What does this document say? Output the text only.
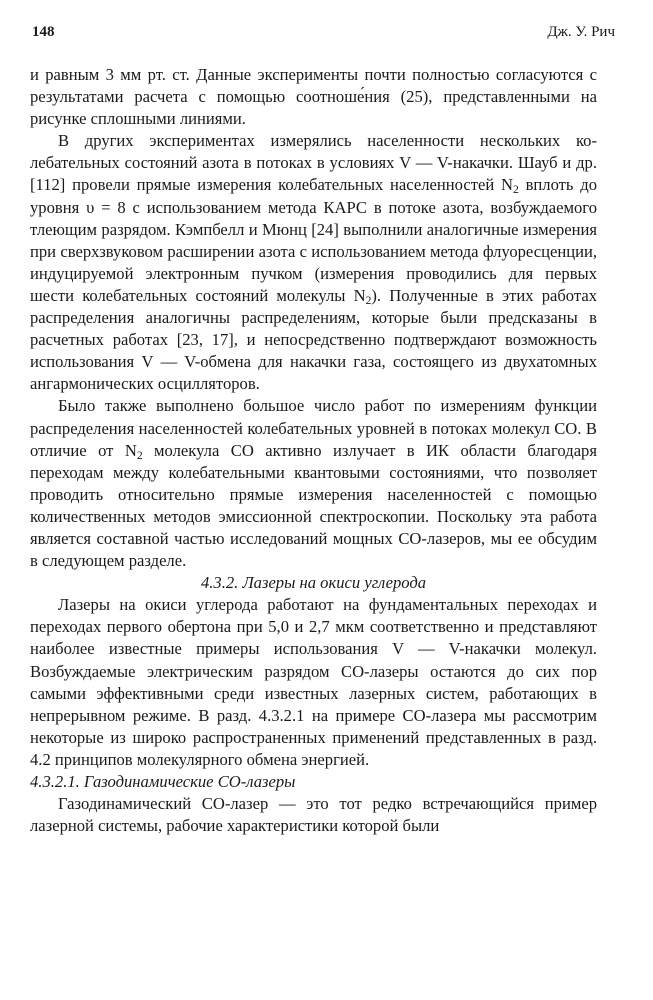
148	Дж. У. Рич

и равным 3 мм рт. ст. Данные эксперименты почти полностью согласуются с результатами расчета с помощью соотноше́ния (25), представленными на рисунке сплошными линиями.

В других экспериментах измерялись населенности нескольких колебательных состояний азота в потоках в условиях V — V-накачки. Шауб и др. [112] провели прямые измерения колебательных населенностей $N_2$ вплоть до уровня υ = 8 с использованием метода КАРС в потоке азота, возбуждаемого тлеющим разрядом. Кэмпбелл и Мюнц [24] выполнили аналогичные измерения при сверхзвуковом расширении азота с использованием метода флуоресценции, индуцируемой электронным пучком (измерения проводились для первых шести колебательных состояний молекулы $N_2$). Полученные в этих работах распределения аналогичны распределениям, которые были предсказаны в расчетных работах [23, 17], и непосредственно подтверждают возможность использования V — V-обмена для накачки газа, состоящего из двухатомных ангармонических осцилляторов.

Было также выполнено большое число работ по измерениям функции распределения населенностей колебательных уровней в потоках молекул СО. В отличие от $N_2$ молекула СО активно излучает в ИК области благодаря переходам между колебательными квантовыми состояниями, что позволяет проводить относительно прямые измерения населенностей с помощью количественных методов эмиссионной спектроскопии. Поскольку эта работа является составной частью исследований мощных СО-лазеров, мы ее обсудим в следующем разделе.

4.3.2. Лазеры на окиси углерода

Лазеры на окиси углерода работают на фундаментальных переходах и переходах первого обертона при 5,0 и 2,7 мкм соответственно и представляют наиболее известные примеры использования V — V-накачки молекул. Возбуждаемые электрическим разрядом СО-лазеры остаются до сих пор самыми эффективными среди известных лазерных систем, работающих в непрерывном режиме. В разд. 4.3.2.1 на примере СО-лазера мы рассмотрим некоторые из широко распространенных применений представленных в разд. 4.2 принципов молекулярного обмена энергией.

4.3.2.1. Газодинамические СО-лазеры

Газодинамический СО-лазер — это тот редко встречающийся пример лазерной системы, рабочие характеристики которой были
